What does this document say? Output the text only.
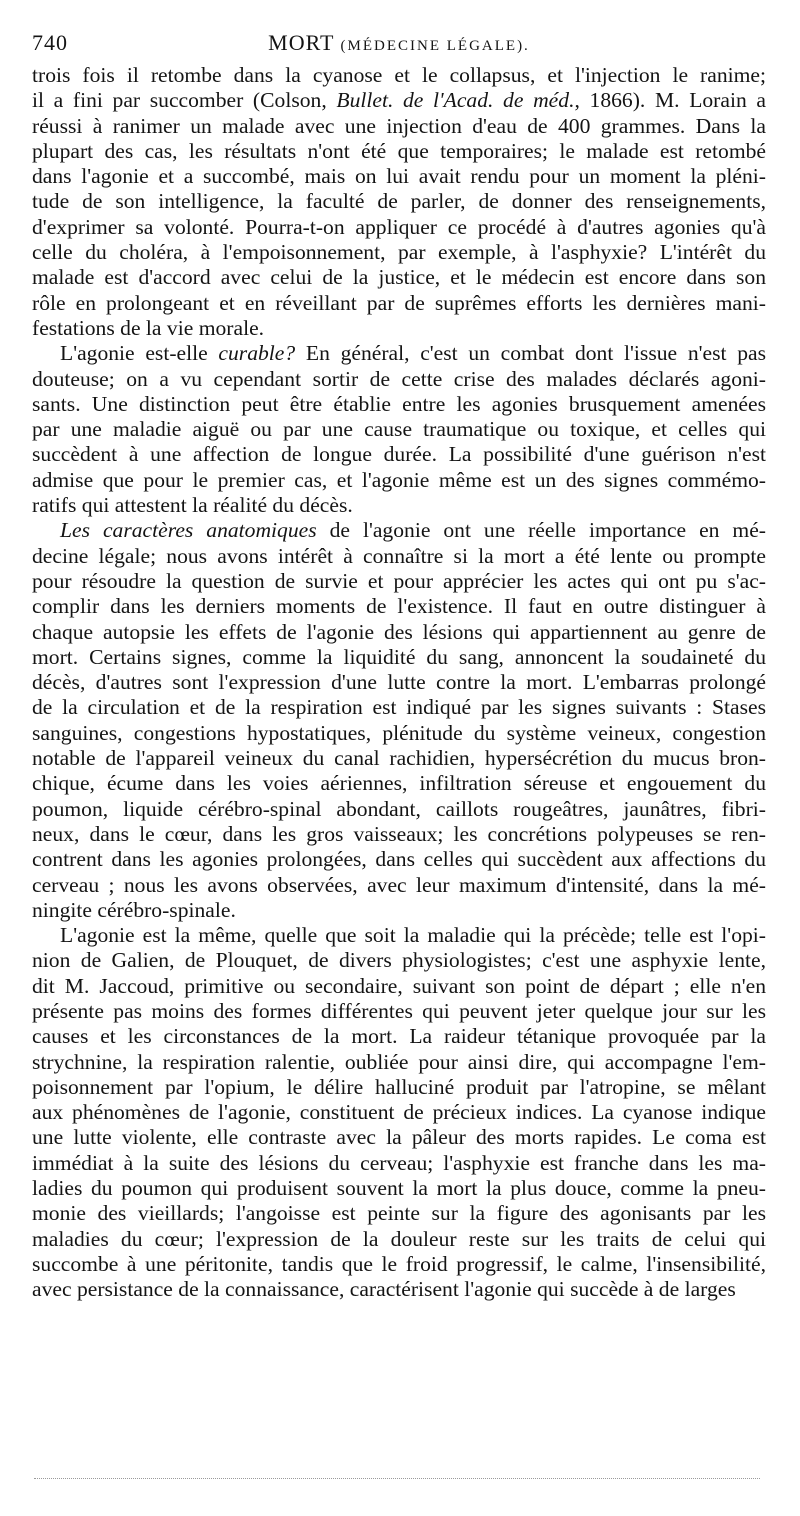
740	MORT (MÉDECINE LÉGALE).
trois fois il retombe dans la cyanose et le collapsus, et l'injection le ranime;
il a fini par succomber (Colson, Bullet. de l'Acad. de méd., 1866). M. Lorain a
réussi à ranimer un malade avec une injection d'eau de 400 grammes. Dans la
plupart des cas, les résultats n'ont été que temporaires; le malade est retombé
dans l'agonie et a succombé, mais on lui avait rendu pour un moment la pléni-
tude de son intelligence, la faculté de parler, de donner des renseignements,
d'exprimer sa volonté. Pourra-t-on appliquer ce procédé à d'autres agonies qu'à
celle du choléra, à l'empoisonnement, par exemple, à l'asphyxie? L'intérêt du
malade est d'accord avec celui de la justice, et le médecin est encore dans son
rôle en prolongeant et en réveillant par de suprêmes efforts les dernières mani-
festations de la vie morale.
L'agonie est-elle curable? En général, c'est un combat dont l'issue n'est pas
douteuse; on a vu cependant sortir de cette crise des malades déclarés agoni-
sants. Une distinction peut être établie entre les agonies brusquement amenées
par une maladie aiguë ou par une cause traumatique ou toxique, et celles qui
succèdent à une affection de longue durée. La possibilité d'une guérison n'est
admise que pour le premier cas, et l'agonie même est un des signes commémo-
ratifs qui attestent la réalité du décès.
Les caractères anatomiques de l'agonie ont une réelle importance en mé-
decine légale; nous avons intérêt à connaître si la mort a été lente ou prompte
pour résoudre la question de survie et pour apprécier les actes qui ont pu s'ac-
complir dans les derniers moments de l'existence. Il faut en outre distinguer à
chaque autopsie les effets de l'agonie des lésions qui appartiennent au genre de
mort. Certains signes, comme la liquidité du sang, annoncent la soudaineté du
décès, d'autres sont l'expression d'une lutte contre la mort. L'embarras prolongé
de la circulation et de la respiration est indiqué par les signes suivants : Stases
sanguines, congestions hypostatiques, plénitude du système veineux, congestion
notable de l'appareil veineux du canal rachidien, hypersécrétion du mucus bron-
chique, écume dans les voies aériennes, infiltration séreuse et engouement du
poumon, liquide cérébro-spinal abondant, caillots rougeâtres, jaunâtres, fibri-
neux, dans le cœur, dans les gros vaisseaux; les concrétions polypeuses se ren-
contrent dans les agonies prolongées, dans celles qui succèdent aux affections du
cerveau ; nous les avons observées, avec leur maximum d'intensité, dans la mé-
ningite cérébro-spinale.
L'agonie est la même, quelle que soit la maladie qui la précède; telle est l'opi-
nion de Galien, de Plouquet, de divers physiologistes; c'est une asphyxie lente,
dit M. Jaccoud, primitive ou secondaire, suivant son point de départ ; elle n'en
présente pas moins des formes différentes qui peuvent jeter quelque jour sur les
causes et les circonstances de la mort. La raideur tétanique provoquée par la
strychnine, la respiration ralentie, oubliée pour ainsi dire, qui accompagne l'em-
poisonnement par l'opium, le délire halluciné produit par l'atropine, se mêlant
aux phénomènes de l'agonie, constituent de précieux indices. La cyanose indique
une lutte violente, elle contraste avec la pâleur des morts rapides. Le coma est
immédiat à la suite des lésions du cerveau; l'asphyxie est franche dans les ma-
ladies du poumon qui produisent souvent la mort la plus douce, comme la pneu-
monie des vieillards; l'angoisse est peinte sur la figure des agonisants par les
maladies du cœur; l'expression de la douleur reste sur les traits de celui qui
succombe à une péritonite, tandis que le froid progressif, le calme, l'insensibilité,
avec persistance de la connaissance, caractérisent l'agonie qui succède à de larges
